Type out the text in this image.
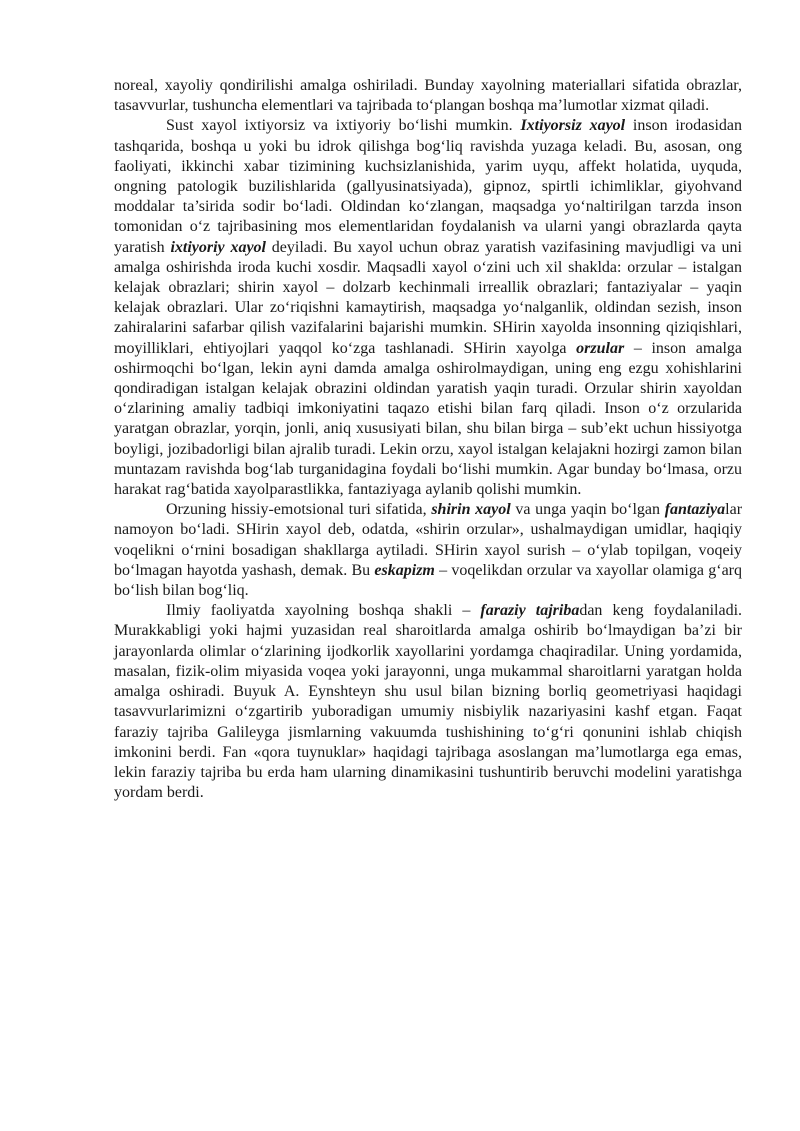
noreal, xayoliy qondirilishi amalga oshiriladi. Bunday xayolning materiallari sifatida obrazlar, tasavvurlar, tushuncha elementlari va tajribada to‘plangan boshqa ma’lumotlar xizmat qiladi.

Sust xayol ixtiyorsiz va ixtiyoriy bo‘lishi mumkin. Ixtiyorsiz xayol inson irodasidan tashqarida, boshqa u yoki bu idrok qilishga bog‘liq ravishda yuzaga keladi. Bu, asosan, ong faoliyati, ikkinchi xabar tizimining kuchsizlanishida, yarim uyqu, affekt holatida, uyquda, ongning patologik buzilishlarida (gallyusinatsiyada), gipnoz, spirtli ichimliklar, giyohvand moddalar ta’sirida sodir bo‘ladi. Oldindan ko‘zlangan, maqsadga yo‘naltirilgan tarzda inson tomonidan o‘z tajribasining mos elementlaridan foydalanish va ularni yangi obrazlarda qayta yaratish ixtiyoriy xayol deyiladi. Bu xayol uchun obraz yaratish vazifasining mavjudligi va uni amalga oshirishda iroda kuchi xosdir. Maqsadli xayol o‘zini uch xil shaklda: orzular – istalgan kelajak obrazlari; shirin xayol – dolzarb kechinmali irreallik obrazlari; fantaziyalar – yaqin kelajak obrazlari. Ular zo‘riqishni kamaytirish, maqsadga yo‘nalganlik, oldindan sezish, inson zahiralarini safarbar qilish vazifalarini bajarishi mumkin. SHirin xayolda insonning qiziqishlari, moyilliklari, ehtiyojlari yaqqol ko‘zga tashlanadi. SHirin xayolga orzular – inson amalga oshirmoqchi bo‘lgan, lekin ayni damda amalga oshirolmaydigan, uning eng ezgu xohishlarini qondiradigan istalgan kelajak obrazini oldindan yaratish yaqin turadi. Orzular shirin xayoldan o‘zlarining amaliy tadbiqi imkoniyatini taqazo etishi bilan farq qiladi. Inson o‘z orzularida yaratgan obrazlar, yorqin, jonli, aniq xususiyati bilan, shu bilan birga – sub’ekt uchun hissiyotga boyligi, jozibadorligi bilan ajralib turadi. Lekin orzu, xayol istalgan kelajakni hozirgi zamon bilan muntazam ravishda bog‘lab turganidagina foydali bo‘lishi mumkin. Agar bunday bo‘lmasa, orzu harakat rag‘batida xayolparastlikka, fantaziyaga aylanib qolishi mumkin.

Orzuning hissiy-emotsional turi sifatida, shirin xayol va unga yaqin bo‘lgan fantaziyalar namoyon bo‘ladi. SHirin xayol deb, odatda, «shirin orzular», ushalmaydigan umidlar, haqiqiy voqelikni o‘rnini bosadigan shakllarga aytiladi. SHirin xayol surish – o‘ylab topilgan, voqeiy bo‘lmagan hayotda yashash, demak. Bu eskapizm – voqelikdan orzular va xayollar olamiga g‘arq bo‘lish bilan bog‘liq.

Ilmiy faoliyatda xayolning boshqa shakli – faraziy tajribadan keng foydalaniladi. Murakkabligi yoki hajmi yuzasidan real sharoitlarda amalga oshirib bo‘lmaydigan ba’zi bir jarayonlarda olimlar o‘zlarining ijodkorlik xayollarini yordamga chaqiradilar. Uning yordamida, masalan, fizik-olim miyasida voqea yoki jarayonni, unga mukammal sharoitlarni yaratgan holda amalga oshiradi. Buyuk A. Eynshteyn shu usul bilan bizning borliq geometriyasi haqidagi tasavvurlarimizni o‘zgartirib yuboradigan umumiy nisbiylik nazariyasini kashf etgan. Faqat faraziy tajriba Galileyga jismlarning vakuumda tushishining to‘g‘ri qonunini ishlab chiqish imkonini berdi. Fan «qora tuynuklar» haqidagi tajribaga asoslangan ma’lumotlarga ega emas, lekin faraziy tajriba bu erda ham ularning dinamikasini tushuntirib beruvchi modelini yaratishga yordam berdi.
